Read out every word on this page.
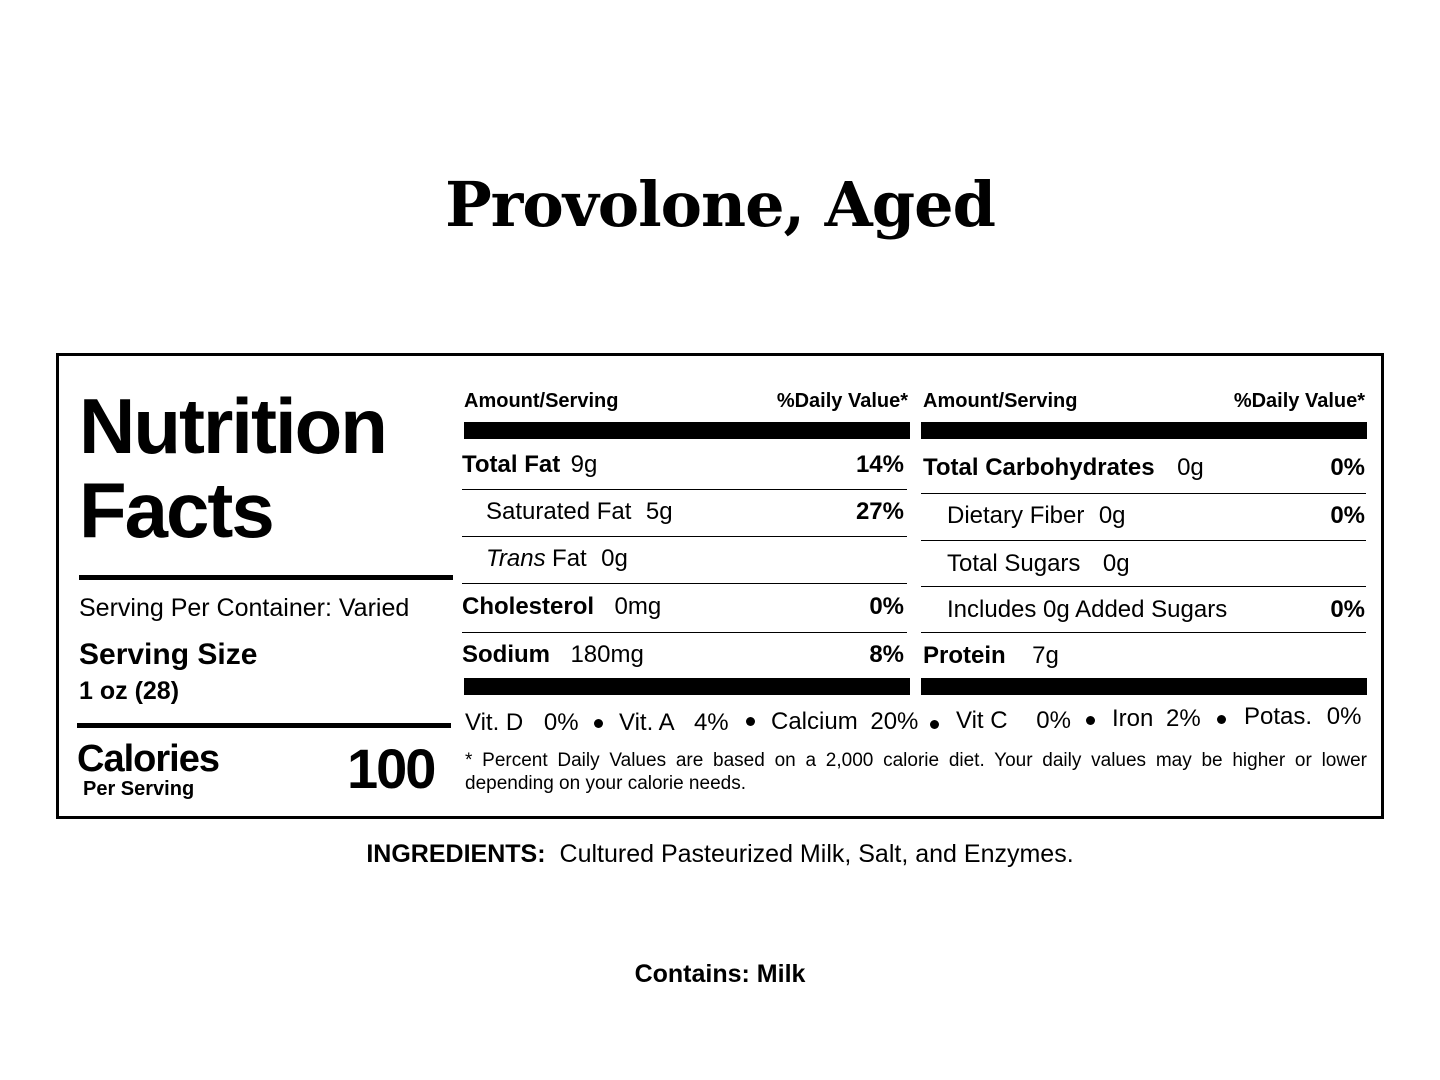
Provolone, Aged
Nutrition Facts
Serving Per Container: Varied
Serving Size
1 oz (28)
Calories
Per Serving	100
Amount/Serving	%Daily Value*
Total Fat 9g	14%
Saturated Fat 5g	27%
Trans Fat 0g
Cholesterol 0mg	0%
Sodium 180mg	8%
Amount/Serving	%Daily Value*
Total Carbohydrates 0g	0%
Dietary Fiber 0g	0%
Total Sugars 0g
Includes 0g Added Sugars	0%
Protein 7g
Vit. D 0% Vit. A 4% Calcium 20% Vit C 0% Iron 2% Potas. 0%
* Percent Daily Values are based on a 2,000 calorie diet. Your daily values may be higher or lower depending on your calorie needs.
INGREDIENTS: Cultured Pasteurized Milk, Salt, and Enzymes.
Contains: Milk
